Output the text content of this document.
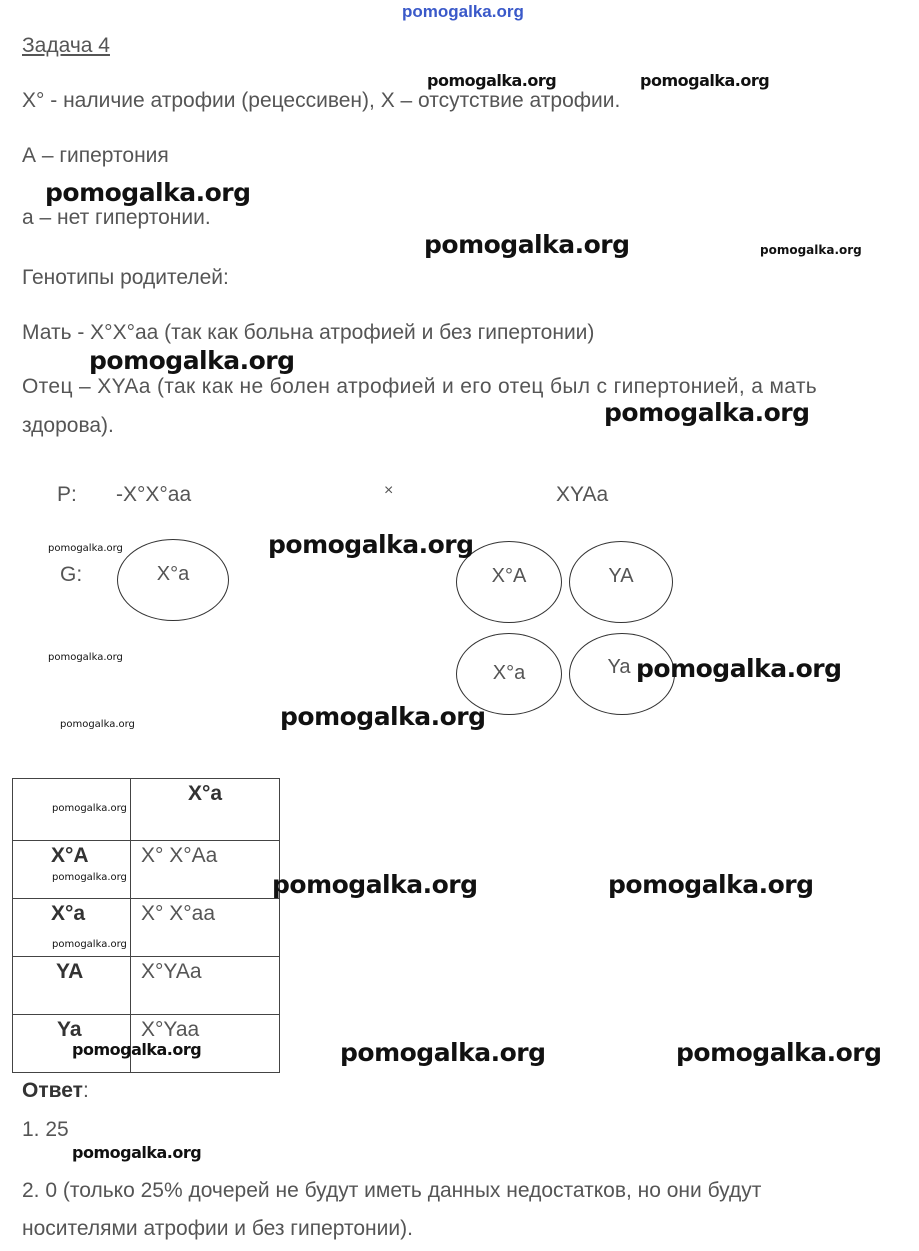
pomogalka.org
Задача 4
X° - наличие атрофии (рецессивен), X – отсутствие атрофии.
А – гипертония
а – нет гипертонии.
Генотипы родителей:
Мать - X°X°аа (так как больна атрофией и без гипертонии)
Отец – XYAа (так как не болен атрофией и его отец был с гипертонией, а мать
здорова).
P: -X°X°аа	×	XYAa
G:	X°a	X°A	YA
X°a	Ya
	X°a
X°A	X° X°Aa
X°a	X° X°aa
YA	X°YAa
Ya	X°Yaa
Ответ:
1. 25
2. 0 (только 25% дочерей не будут иметь данных недостатков, но они будут
носителями атрофии и без гипертонии).
pomogalka.org	pomogalka.org
pomogalka.org
pomogalka.org	pomogalka.org
pomogalka.org
pomogalka.org
pomogalka.org	pomogalka.org
pomogalka.org	pomogalka.org
pomogalka.org	pomogalka.org
pomogalka.org
pomogalka.org
pomogalka.org
pomogalka.org	pomogalka.org
pomogalka.org	pomogalka.org	pomogalka.org
pomogalka.org
